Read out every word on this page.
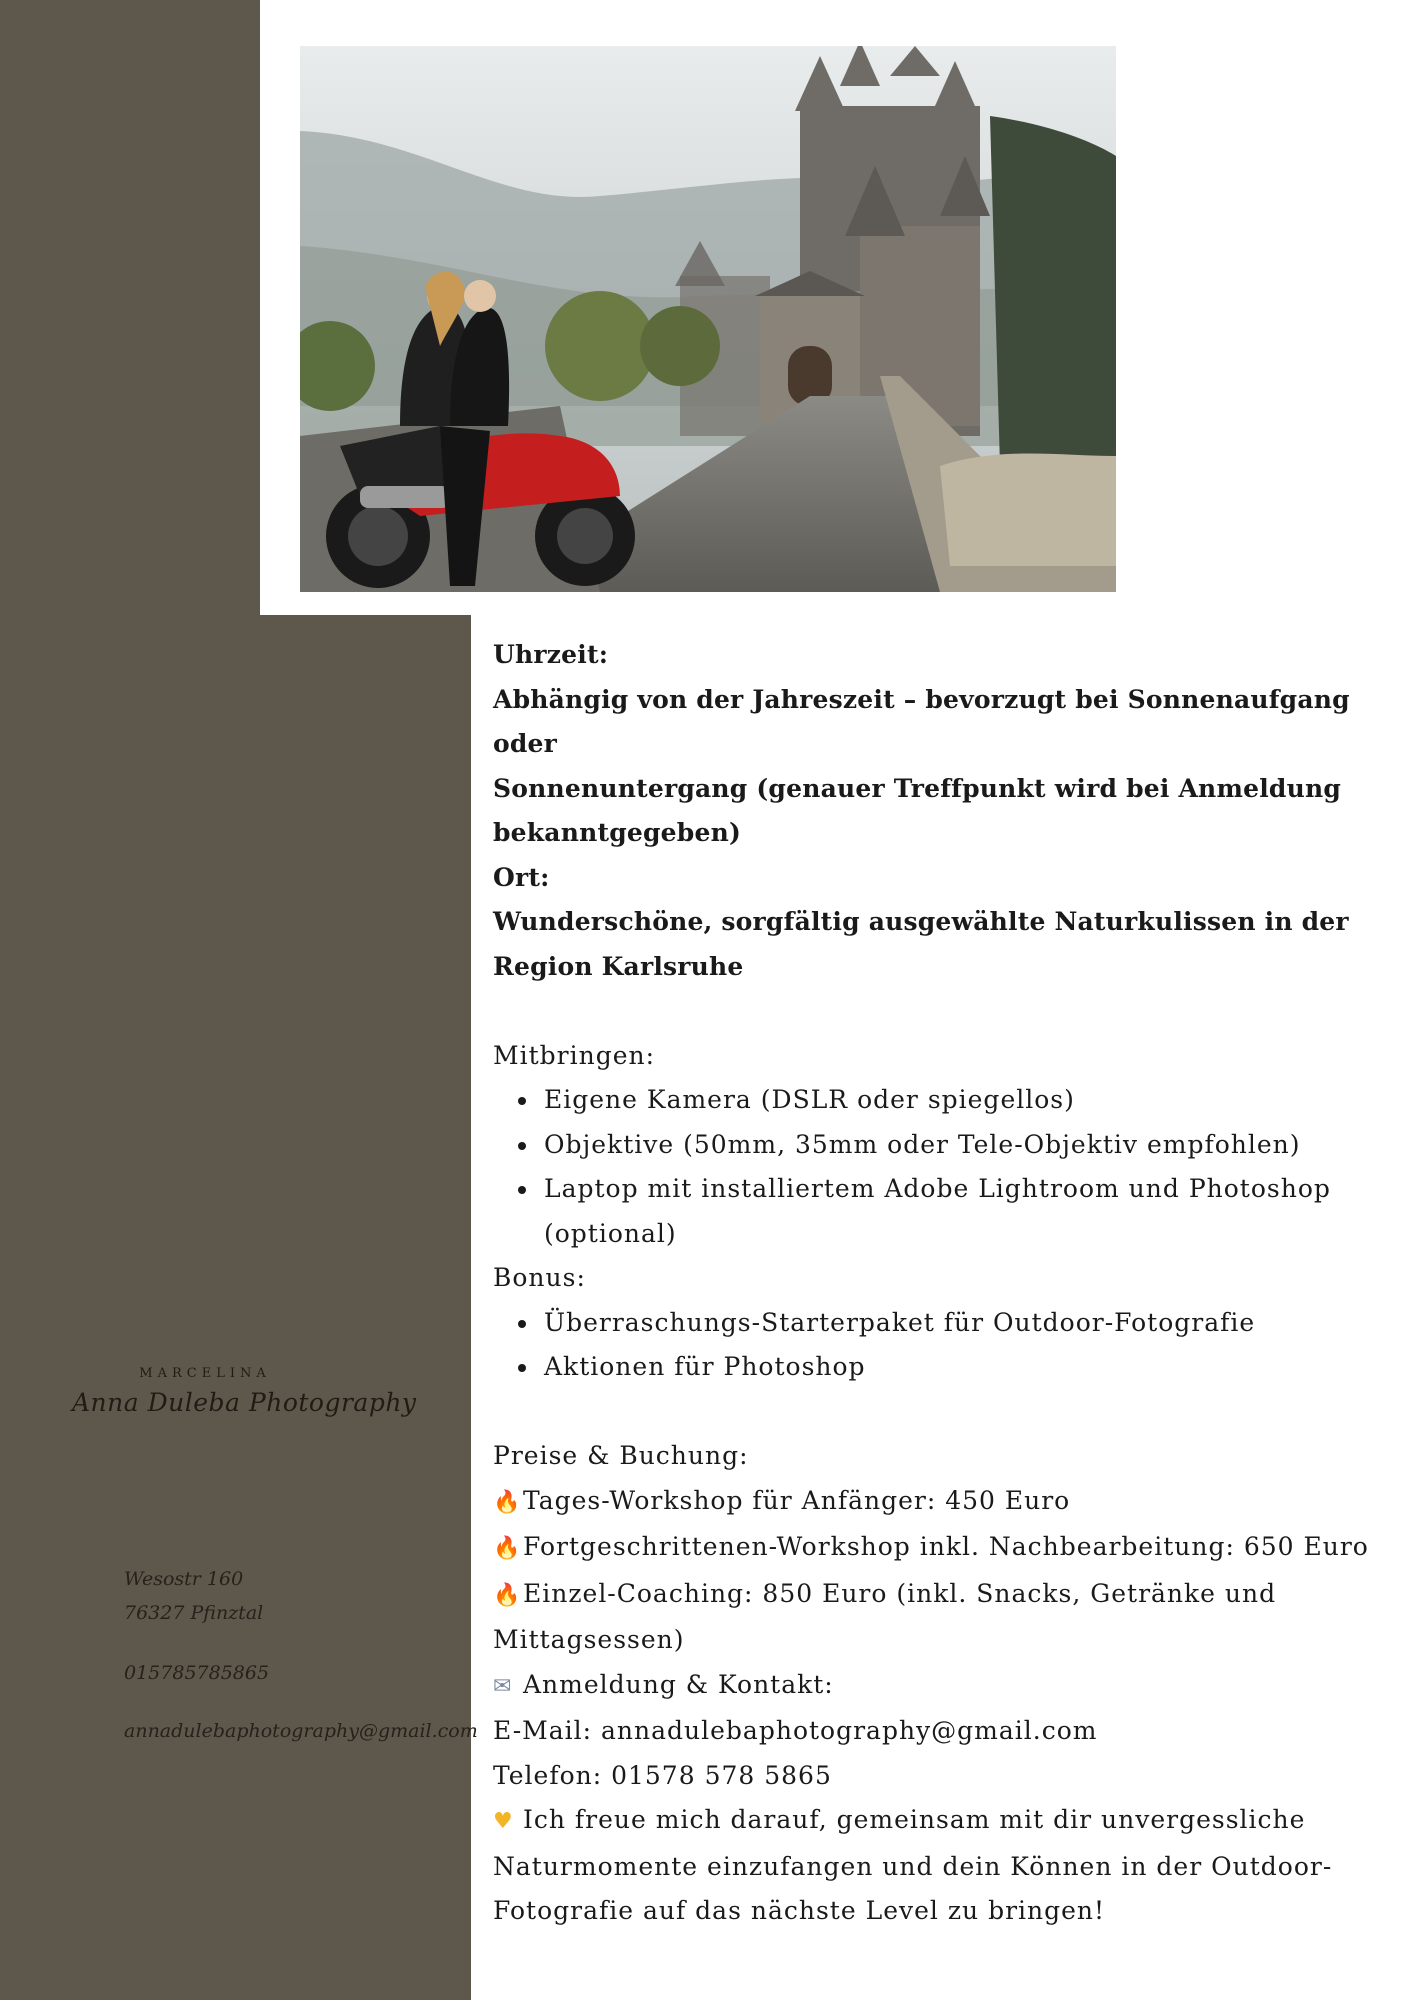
MARCELINA
Anna Duleba Photography
Wesostr 160
76327 Pfinztal
015785785865
annadulebaphotography@gmail.com
Uhrzeit:
Abhängig von der Jahreszeit – bevorzugt bei Sonnenaufgang oder
Sonnenuntergang (genauer Treffpunkt wird bei Anmeldung
bekanntgegeben)
Ort:
Wunderschöne, sorgfältig ausgewählte Naturkulissen in der
Region Karlsruhe
Mitbringen:
Eigene Kamera (DSLR oder spiegellos)
Objektive (50mm, 35mm oder Tele-Objektiv empfohlen)
Laptop mit installiertem Adobe Lightroom und Photoshop
(optional)
Bonus:
Überraschungs-Starterpaket für Outdoor-Fotografie
Aktionen für Photoshop
Preise & Buchung:
🔥Tages-Workshop für Anfänger: 450 Euro
🔥Fortgeschrittenen-Workshop inkl. Nachbearbeitung: 650 Euro
🔥Einzel-Coaching: 850 Euro (inkl. Snacks, Getränke und
Mittagsessen)
✉ Anmeldung & Kontakt:
E-Mail: annadulebaphotography@gmail.com
Telefon: 01578 578 5865
♥ Ich freue mich darauf, gemeinsam mit dir unvergessliche
Naturmomente einzufangen und dein Können in der Outdoor-
Fotografie auf das nächste Level zu bringen!
